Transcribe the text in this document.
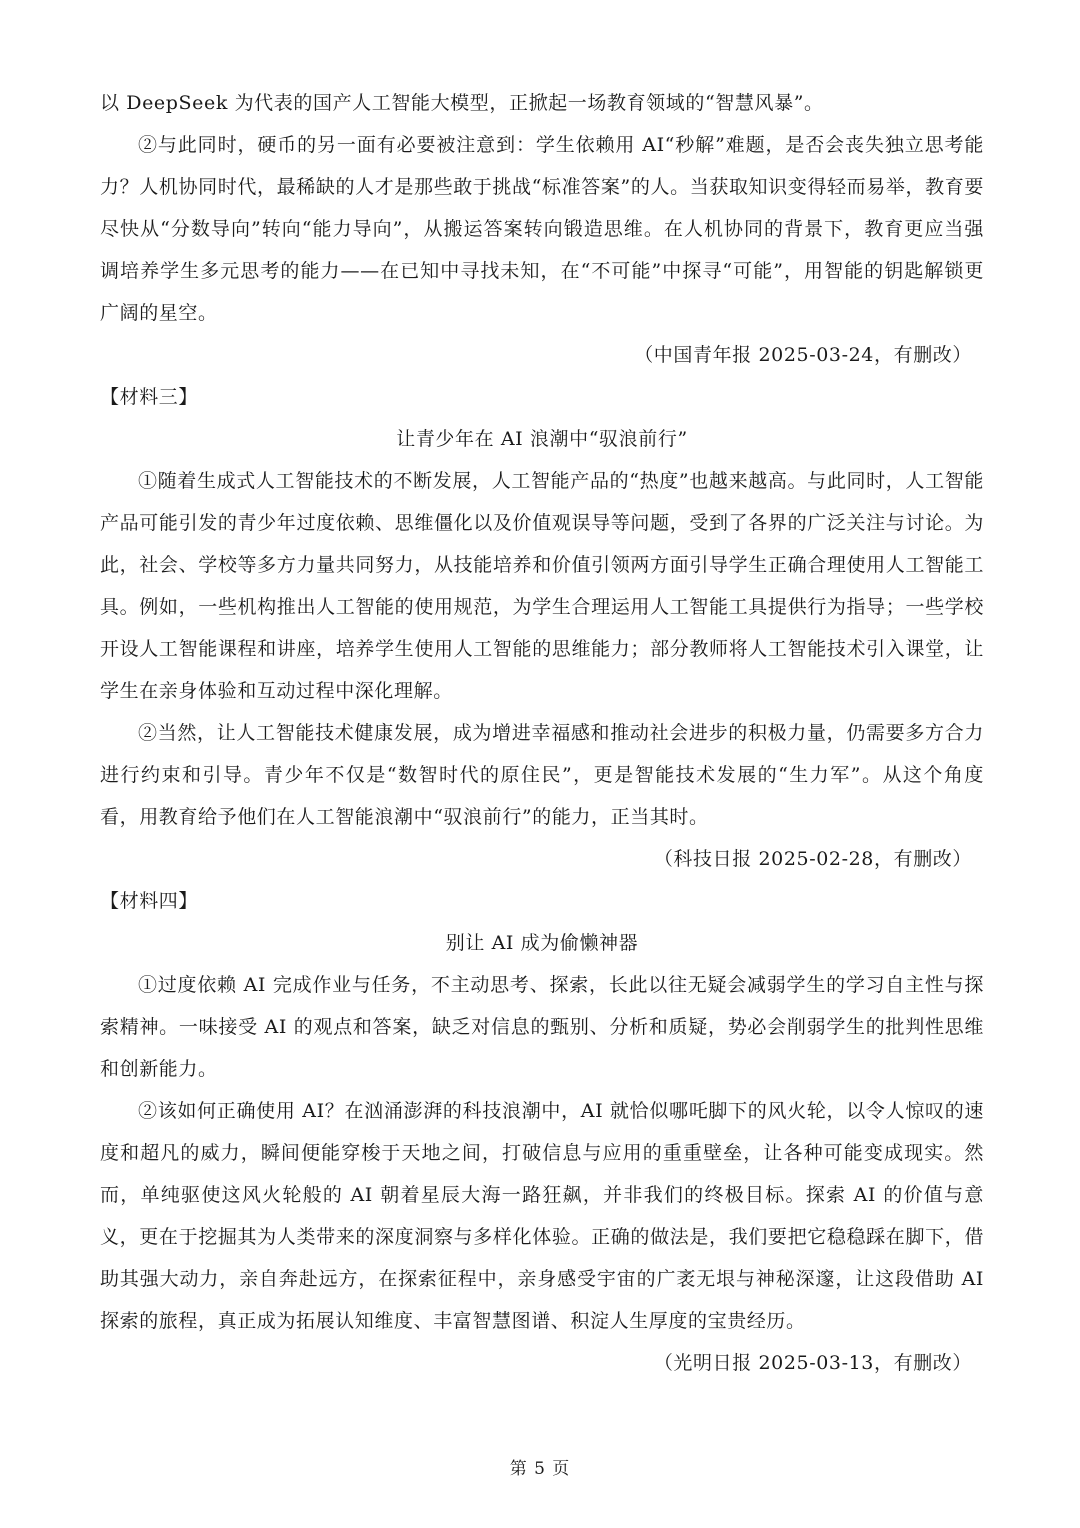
以 DeepSeek 为代表的国产人工智能大模型，正掀起一场教育领域的“智慧风暴”。

②与此同时，硬币的另一面有必要被注意到：学生依赖用 AI“秒解”难题，是否会丧失独立思考能力？人机协同时代，最稀缺的人才是那些敢于挑战“标准答案”的人。当获取知识变得轻而易举，教育要尽快从“分数导向”转向“能力导向”，从搬运答案转向锻造思维。在人机协同的背景下，教育更应当强调培养学生多元思考的能力——在已知中寻找未知，在“不可能”中探寻“可能”，用智能的钥匙解锁更广阔的星空。

（中国青年报 2025-03-24，有删改）

【材料三】

让青少年在 AI 浪潮中“驭浪前行”

①随着生成式人工智能技术的不断发展，人工智能产品的“热度”也越来越高。与此同时，人工智能产品可能引发的青少年过度依赖、思维僵化以及价值观误导等问题，受到了各界的广泛关注与讨论。为此，社会、学校等多方力量共同努力，从技能培养和价值引领两方面引导学生正确合理使用人工智能工具。例如，一些机构推出人工智能的使用规范，为学生合理运用人工智能工具提供行为指导；一些学校开设人工智能课程和讲座，培养学生使用人工智能的思维能力；部分教师将人工智能技术引入课堂，让学生在亲身体验和互动过程中深化理解。

②当然，让人工智能技术健康发展，成为增进幸福感和推动社会进步的积极力量，仍需要多方合力进行约束和引导。青少年不仅是“数智时代的原住民”，更是智能技术发展的“生力军”。从这个角度看，用教育给予他们在人工智能浪潮中“驭浪前行”的能力，正当其时。

（科技日报 2025-02-28，有删改）

【材料四】

别让 AI 成为偷懒神器

①过度依赖 AI 完成作业与任务，不主动思考、探索，长此以往无疑会减弱学生的学习自主性与探索精神。一味接受 AI 的观点和答案，缺乏对信息的甄别、分析和质疑，势必会削弱学生的批判性思维和创新能力。

②该如何正确使用 AI？在汹涌澎湃的科技浪潮中，AI 就恰似哪吒脚下的风火轮，以令人惊叹的速度和超凡的威力，瞬间便能穿梭于天地之间，打破信息与应用的重重壁垒，让各种可能变成现实。然而，单纯驱使这风火轮般的 AI 朝着星辰大海一路狂飙，并非我们的终极目标。探索 AI 的价值与意义，更在于挖掘其为人类带来的深度洞察与多样化体验。正确的做法是，我们要把它稳稳踩在脚下，借助其强大动力，亲自奔赴远方，在探索征程中，亲身感受宇宙的广袤无垠与神秘深邃，让这段借助 AI 探索的旅程，真正成为拓展认知维度、丰富智慧图谱、积淀人生厚度的宝贵经历。

（光明日报 2025-03-13，有删改）

第 5 页
